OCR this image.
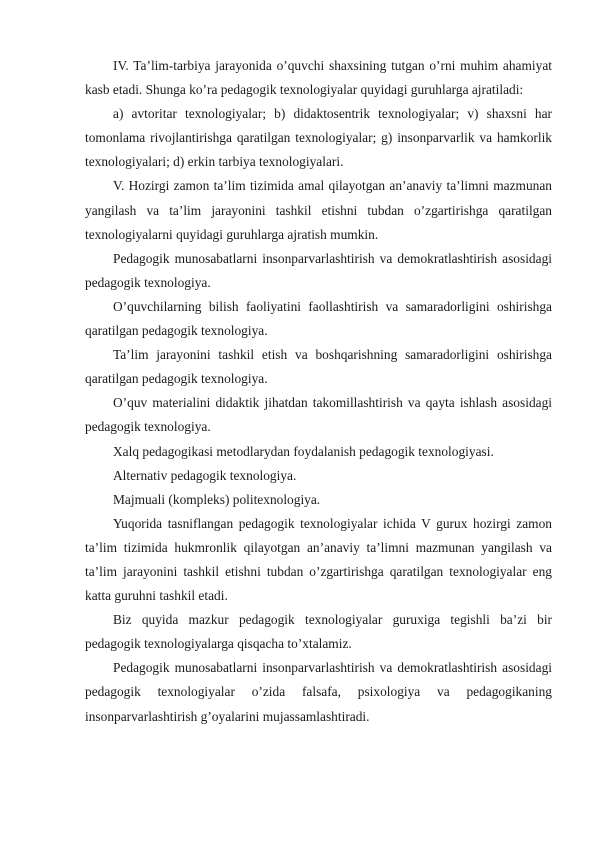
IV. Ta’lim-tarbiya jarayonida o’quvchi shaxsining tutgan o’rni muhim ahamiyat kasb etadi. Shunga ko’ra pedagogik texnologiyalar quyidagi guruhlarga ajratiladi:

a) avtoritar texnologiyalar; b) didaktosentrik texnologiyalar; v) shaxsni har tomonlama rivojlantirishga qaratilgan texnologiyalar; g) insonparvarlik va hamkorlik texnologiyalari; d) erkin tarbiya texnologiyalari.

V. Hozirgi zamon ta’lim tizimida amal qilayotgan an’anaviy ta’limni mazmunan yangilash va ta’lim jarayonini tashkil etishni tubdan o’zgartirishga qaratilgan texnologiyalarni quyidagi guruhlarga ajratish mumkin.

Pedagogik munosabatlarni insonparvarlashtirish va demokratlashtirish asosidagi pedagogik texnologiya.

O’quvchilarning bilish faoliyatini faollashtirish va samaradorligini oshirishga qaratilgan pedagogik texnologiya.

Ta’lim jarayonini tashkil etish va boshqarishning samaradorligini oshirishga qaratilgan pedagogik texnologiya.

O’quv materialini didaktik jihatdan takomillashtirish va qayta ishlash asosidagi pedagogik texnologiya.

Xalq pedagogikasi metodlarydan foydalanish pedagogik texnologiyasi.

Alternativ pedagogik texnologiya.

Majmuali (kompleks) politexnologiya.

Yuqorida tasniflangan pedagogik texnologiyalar ichida V gurux hozirgi zamon ta’lim tizimida hukmronlik qilayotgan an’anaviy ta’limni mazmunan yangilash va ta’lim jarayonini tashkil etishni tubdan o’zgartirishga qaratilgan texnologiyalar eng katta guruhni tashkil etadi.

Biz quyida mazkur pedagogik texnologiyalar guruxiga tegishli ba’zi bir pedagogik texnologiyalarga qisqacha to’xtalamiz.

Pedagogik munosabatlarni insonparvarlashtirish va demokratlashtirish asosidagi pedagogik texnologiyalar o’zida falsafa, psixologiya va pedagogikaning insonparvarlashtirish g’oyalarini mujassamlashtiradi.
